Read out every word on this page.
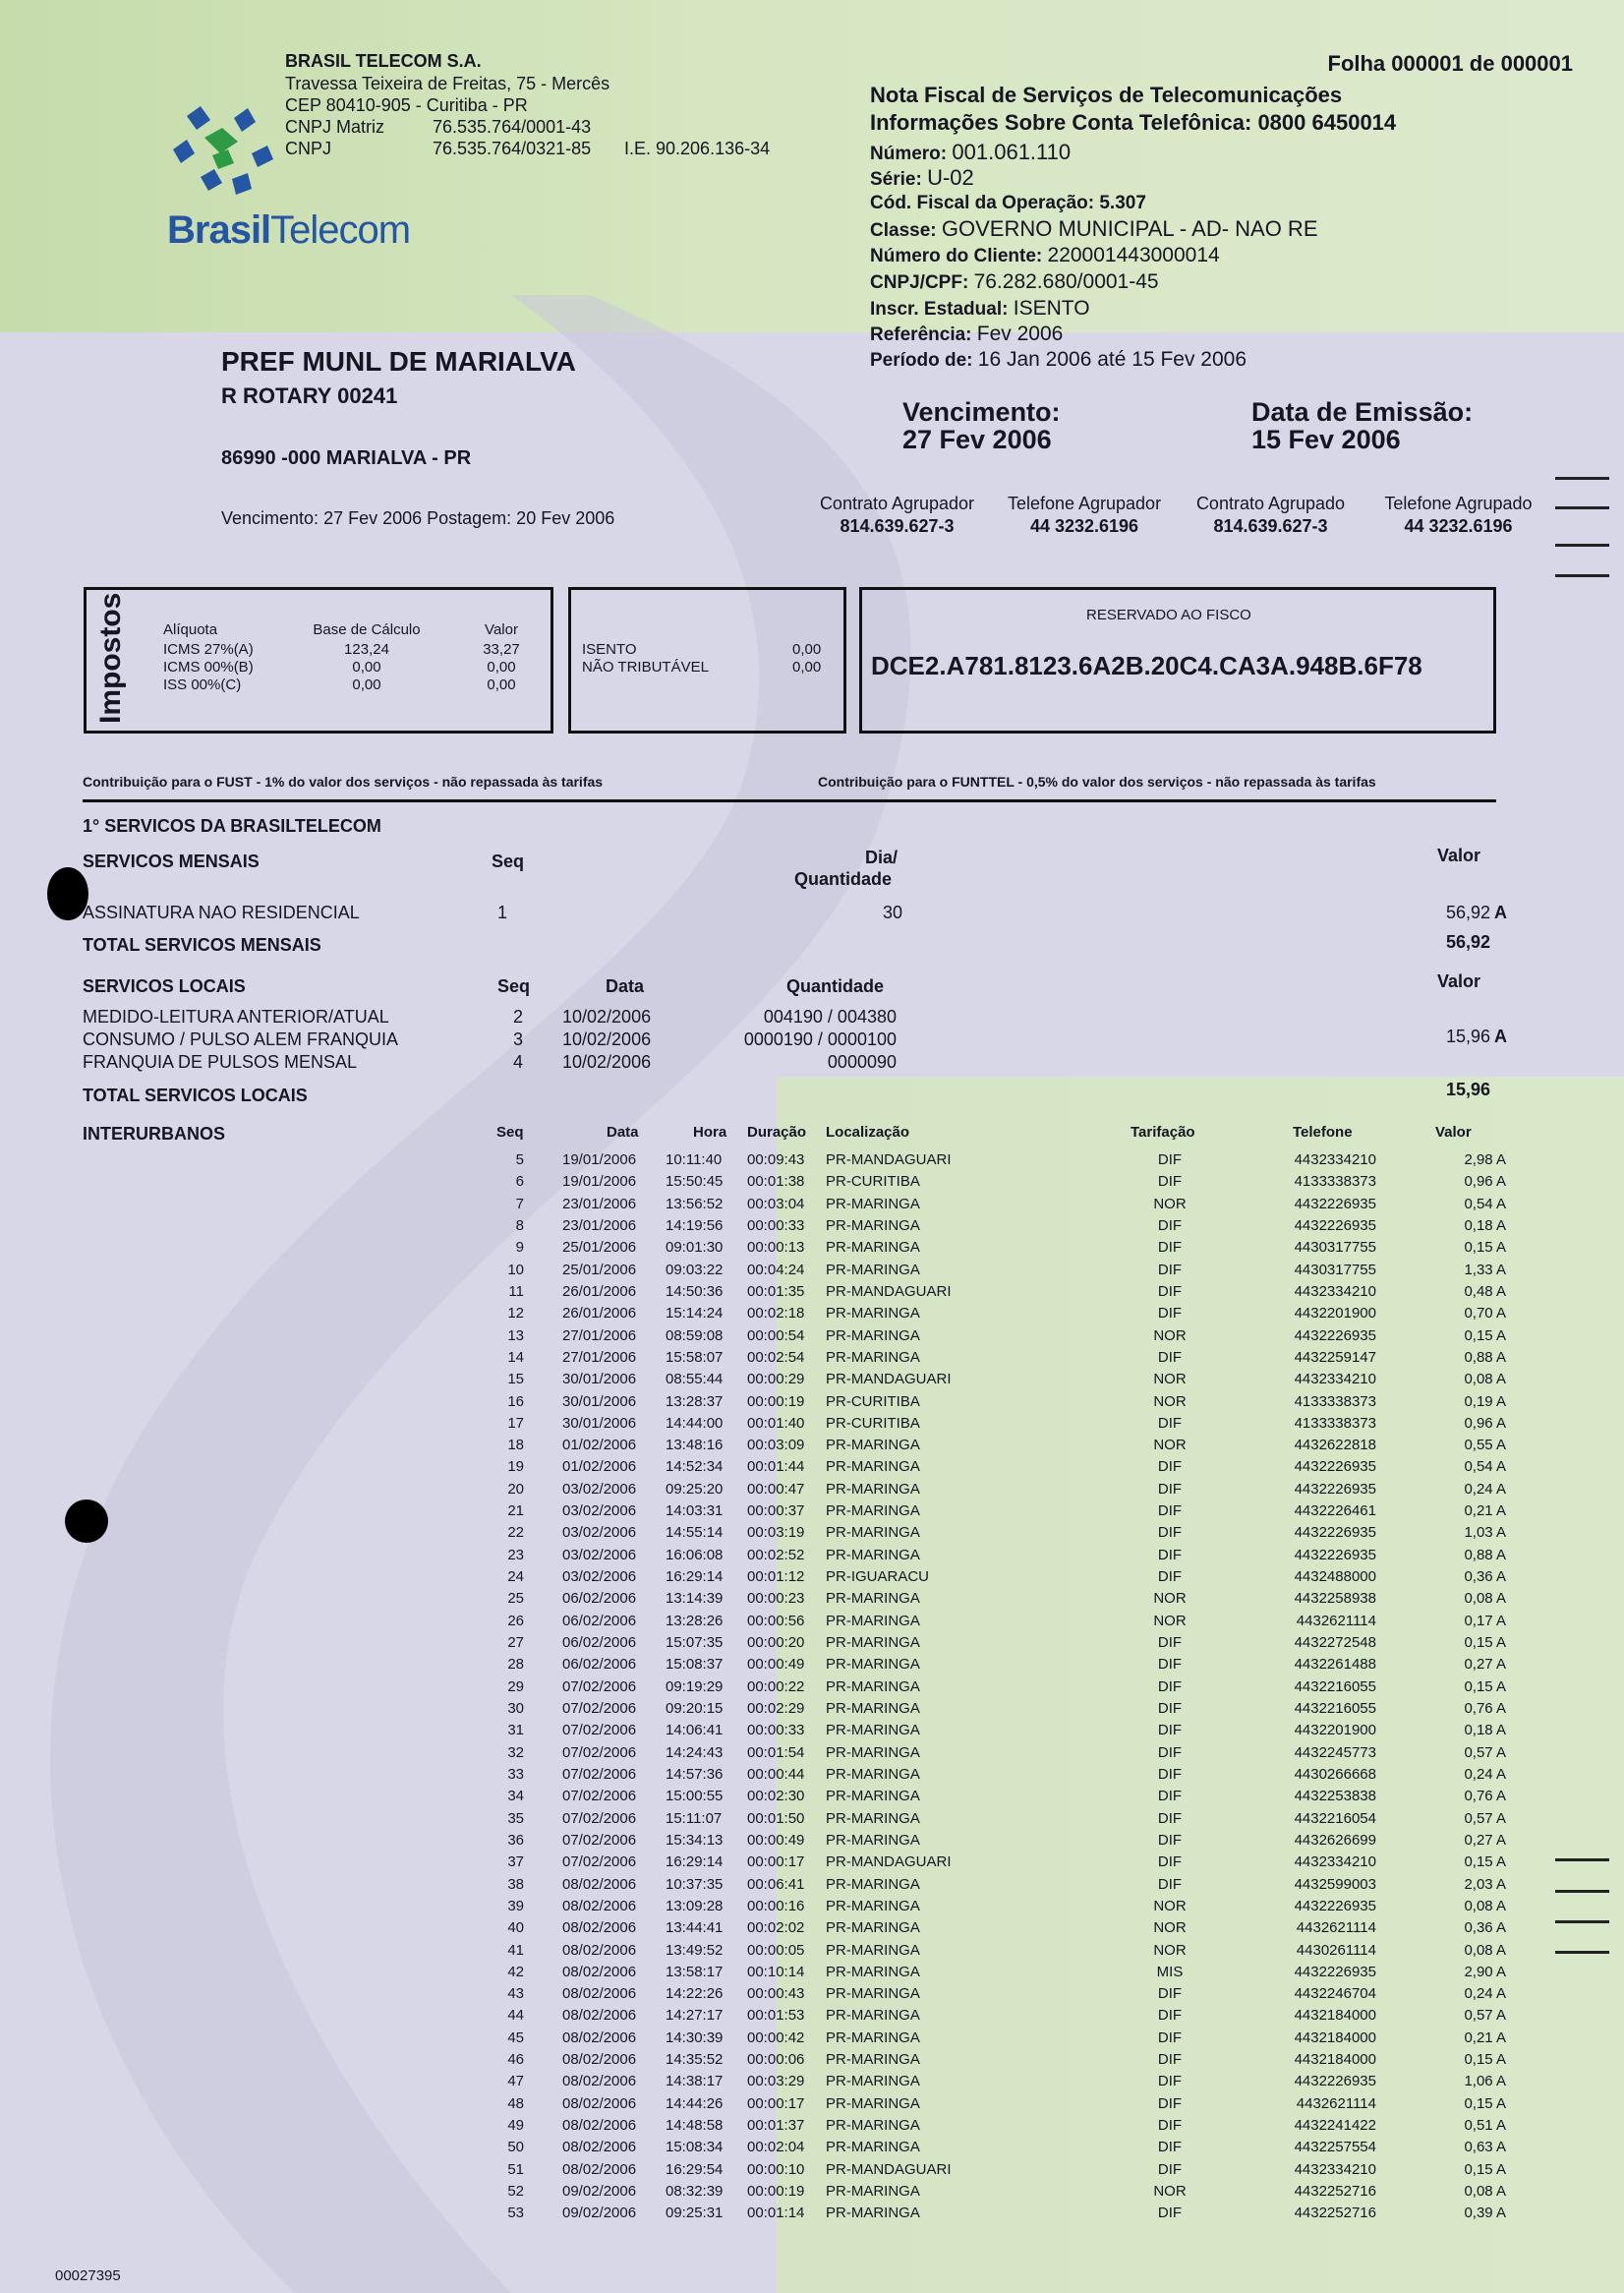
BrasilTelecom
BRASIL TELECOM S.A.
Travessa Teixeira de Freitas, 75 - Mercês
CEP 80410-905 - Curitiba - PR
CNPJ Matriz	76.535.764/0001-43
CNPJ	76.535.764/0321-85 I.E. 90.206.136-34
Folha 000001 de 000001
Nota Fiscal de Serviços de Telecomunicações
Informações Sobre Conta Telefônica: 0800 6450014
Número: 001.061.110
Série: U-02
Cód. Fiscal da Operação: 5.307
Classe: GOVERNO MUNICIPAL - AD- NAO RE
Número do Cliente: 220001443000014
CNPJ/CPF: 76.282.680/0001-45
Inscr. Estadual: ISENTO
Referência: Fev 2006
Período de: 16 Jan 2006 até 15 Fev 2006
PREF MUNL DE MARIALVA
R ROTARY 00241
86990 -000 MARIALVA - PR
Vencimento: 27 Fev 2006 Postagem: 20 Fev 2006
Vencimento:
27 Fev 2006
Data de Emissão:
15 Fev 2006
Contrato Agrupador
814.639.627-3
Telefone Agrupador
44 3232.6196
Contrato Agrupado
814.639.627-3
Telefone Agrupado
44 3232.6196
Impostos Alíquota	Base de Cálculo	Valor
ICMS 27%(A)	123,24	33,27
ICMS 00%(B)	0,00	0,00
ISS 00%(C)	0,00	0,00
ISENTO	0,00
NÃO TRIBUTÁVEL	0,00
RESERVADO AO FISCO
DCE2.A781.8123.6A2B.20C4.CA3A.948B.6F78
Contribuição para o FUST - 1% do valor dos serviços - não repassada às tarifas	Contribuição para o FUNTTEL - 0,5% do valor dos serviços - não repassada às tarifas
1° SERVICOS DA BRASILTELECOM
SERVICOS MENSAIS	Seq	Dia/
Quantidade
Valor
ASSINATURA NAO RESIDENCIAL	1	30	56,92 A
TOTAL SERVICOS MENSAIS	56,92
SERVICOS LOCAIS	Seq	Data	Quantidade	Valor
MEDIDO-LEITURA ANTERIOR/ATUAL	2 10/02/2006	004190 / 004380
CONSUMO / PULSO ALEM FRANQUIA	3 10/02/2006	0000190 / 0000100
FRANQUIA DE PULSOS MENSAL	4 10/02/2006	0000090
15,96 A
TOTAL SERVICOS LOCAIS	15,96
INTERURBANOS	Seq	Data	Hora Duração Localização	Tarifação	Telefone	Valor
5	19/01/2006 10:11:40 00:09:43 PR-MANDAGUARI	DIF	4432334210	2,98 A
6	19/01/2006 15:50:45 00:01:38 PR-CURITIBA	DIF	4133338373	0,96 A
7	23/01/2006 13:56:52 00:03:04 PR-MARINGA	NOR	4432226935	0,54 A
8	23/01/2006 14:19:56 00:00:33 PR-MARINGA	DIF	4432226935	0,18 A
9	25/01/2006 09:01:30 00:00:13 PR-MARINGA	DIF	4430317755	0,15 A
10	25/01/2006 09:03:22 00:04:24 PR-MARINGA	DIF	4430317755	1,33 A
11	26/01/2006 14:50:36 00:01:35 PR-MANDAGUARI	DIF	4432334210	0,48 A
12	26/01/2006 15:14:24 00:02:18 PR-MARINGA	DIF	4432201900	0,70 A
13	27/01/2006 08:59:08 00:00:54 PR-MARINGA	NOR	4432226935	0,15 A
14	27/01/2006 15:58:07 00:02:54 PR-MARINGA	DIF	4432259147	0,88 A
15	30/01/2006 08:55:44 00:00:29 PR-MANDAGUARI	NOR	4432334210	0,08 A
16	30/01/2006 13:28:37 00:00:19 PR-CURITIBA	NOR	4133338373	0,19 A
17	30/01/2006 14:44:00 00:01:40 PR-CURITIBA	DIF	4133338373	0,96 A
18	01/02/2006 13:48:16 00:03:09 PR-MARINGA	NOR	4432622818	0,55 A
19	01/02/2006 14:52:34 00:01:44 PR-MARINGA	DIF	4432226935	0,54 A
20	03/02/2006 09:25:20 00:00:47 PR-MARINGA	DIF	4432226935	0,24 A
21	03/02/2006 14:03:31 00:00:37 PR-MARINGA	DIF	4432226461	0,21 A
22	03/02/2006 14:55:14 00:03:19 PR-MARINGA	DIF	4432226935	1,03 A
23	03/02/2006 16:06:08 00:02:52 PR-MARINGA	DIF	4432226935	0,88 A
24	03/02/2006 16:29:14 00:01:12 PR-IGUARACU	DIF	4432488000	0,36 A
25	06/02/2006 13:14:39 00:00:23 PR-MARINGA	NOR	4432258938	0,08 A
26	06/02/2006 13:28:26 00:00:56 PR-MARINGA	NOR	4432621114	0,17 A
27	06/02/2006 15:07:35 00:00:20 PR-MARINGA	DIF	4432272548	0,15 A
28	06/02/2006 15:08:37 00:00:49 PR-MARINGA	DIF	4432261488	0,27 A
29	07/02/2006 09:19:29 00:00:22 PR-MARINGA	DIF	4432216055	0,15 A
30	07/02/2006 09:20:15 00:02:29 PR-MARINGA	DIF	4432216055	0,76 A
31	07/02/2006 14:06:41 00:00:33 PR-MARINGA	DIF	4432201900	0,18 A
32	07/02/2006 14:24:43 00:01:54 PR-MARINGA	DIF	4432245773	0,57 A
33	07/02/2006 14:57:36 00:00:44 PR-MARINGA	DIF	4430266668	0,24 A
34	07/02/2006 15:00:55 00:02:30 PR-MARINGA	DIF	4432253838	0,76 A
35	07/02/2006 15:11:07 00:01:50 PR-MARINGA	DIF	4432216054	0,57 A
36	07/02/2006 15:34:13 00:00:49 PR-MARINGA	DIF	4432626699	0,27 A
37	07/02/2006 16:29:14 00:00:17 PR-MANDAGUARI	DIF	4432334210	0,15 A
38	08/02/2006 10:37:35 00:06:41 PR-MARINGA	DIF	4432599003	2,03 A
39	08/02/2006 13:09:28 00:00:16 PR-MARINGA	NOR	4432226935	0,08 A
40	08/02/2006 13:44:41 00:02:02 PR-MARINGA	NOR	4432621114	0,36 A
41	08/02/2006 13:49:52 00:00:05 PR-MARINGA	NOR	4430261114	0,08 A
42	08/02/2006 13:58:17 00:10:14 PR-MARINGA	MIS	4432226935	2,90 A
43	08/02/2006 14:22:26 00:00:43 PR-MARINGA	DIF	4432246704	0,24 A
44	08/02/2006 14:27:17 00:01:53 PR-MARINGA	DIF	4432184000	0,57 A
45	08/02/2006 14:30:39 00:00:42 PR-MARINGA	DIF	4432184000	0,21 A
46	08/02/2006 14:35:52 00:00:06 PR-MARINGA	DIF	4432184000	0,15 A
47	08/02/2006 14:38:17 00:03:29 PR-MARINGA	DIF	4432226935	1,06 A
48	08/02/2006 14:44:26 00:00:17 PR-MARINGA	DIF	4432621114	0,15 A
49	08/02/2006 14:48:58 00:01:37 PR-MARINGA	DIF	4432241422	0,51 A
50	08/02/2006 15:08:34 00:02:04 PR-MARINGA	DIF	4432257554	0,63 A
51	08/02/2006 16:29:54 00:00:10 PR-MANDAGUARI	DIF	4432334210	0,15 A
52	09/02/2006 08:32:39 00:00:19 PR-MARINGA	NOR	4432252716	0,08 A
53	09/02/2006 09:25:31 00:01:14 PR-MARINGA	DIF	4432252716	0,39 A
00027395
